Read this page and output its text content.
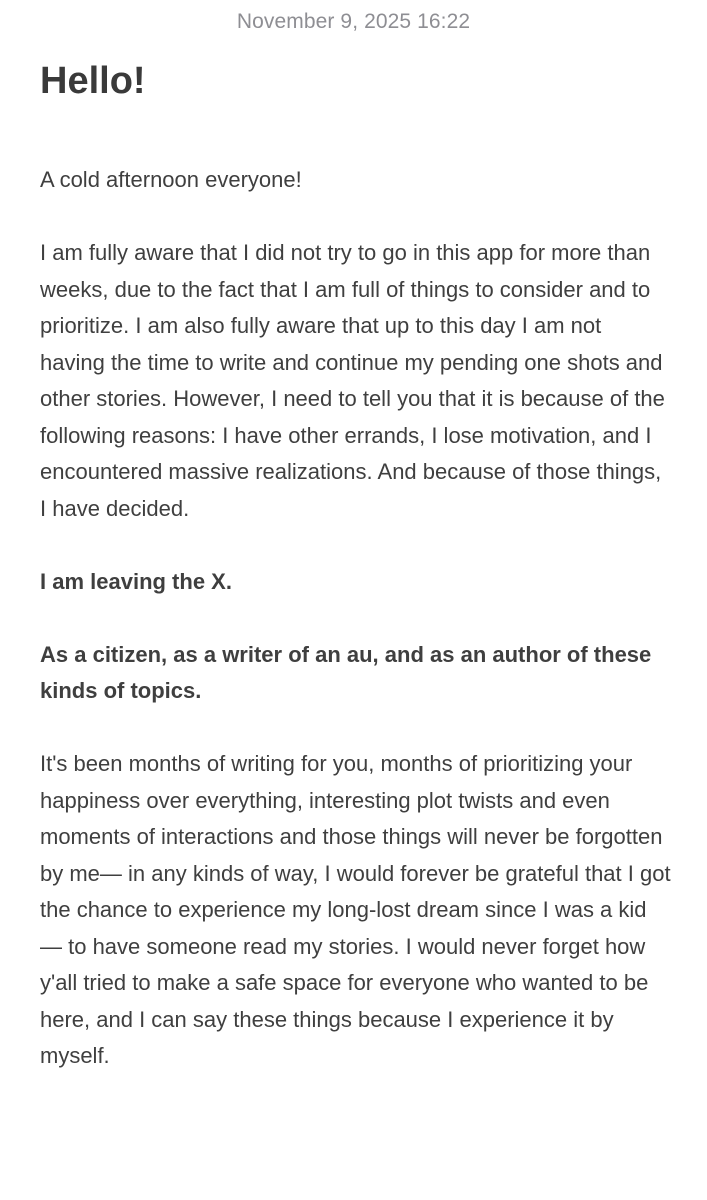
November 9, 2025 16:22
Hello!

A cold afternoon everyone!

I am fully aware that I did not try to go in this app for more than weeks, due to the fact that I am full of things to consider and to prioritize. I am also fully aware that up to this day I am not having the time to write and continue my pending one shots and other stories. However, I need to tell you that it is because of the following reasons: I have other errands, I lose motivation, and I encountered massive realizations. And because of those things, I have decided.

I am leaving the X.

As a citizen, as a writer of an au, and as an author of these kinds of topics.

It's been months of writing for you, months of prioritizing your happiness over everything, interesting plot twists and even moments of interactions and those things will never be forgotten by me— in any kinds of way, I would forever be grateful that I got the chance to experience my long-lost dream since I was a kid — to have someone read my stories. I would never forget how y'all tried to make a safe space for everyone who wanted to be here, and I can say these things because I experience it by myself.
